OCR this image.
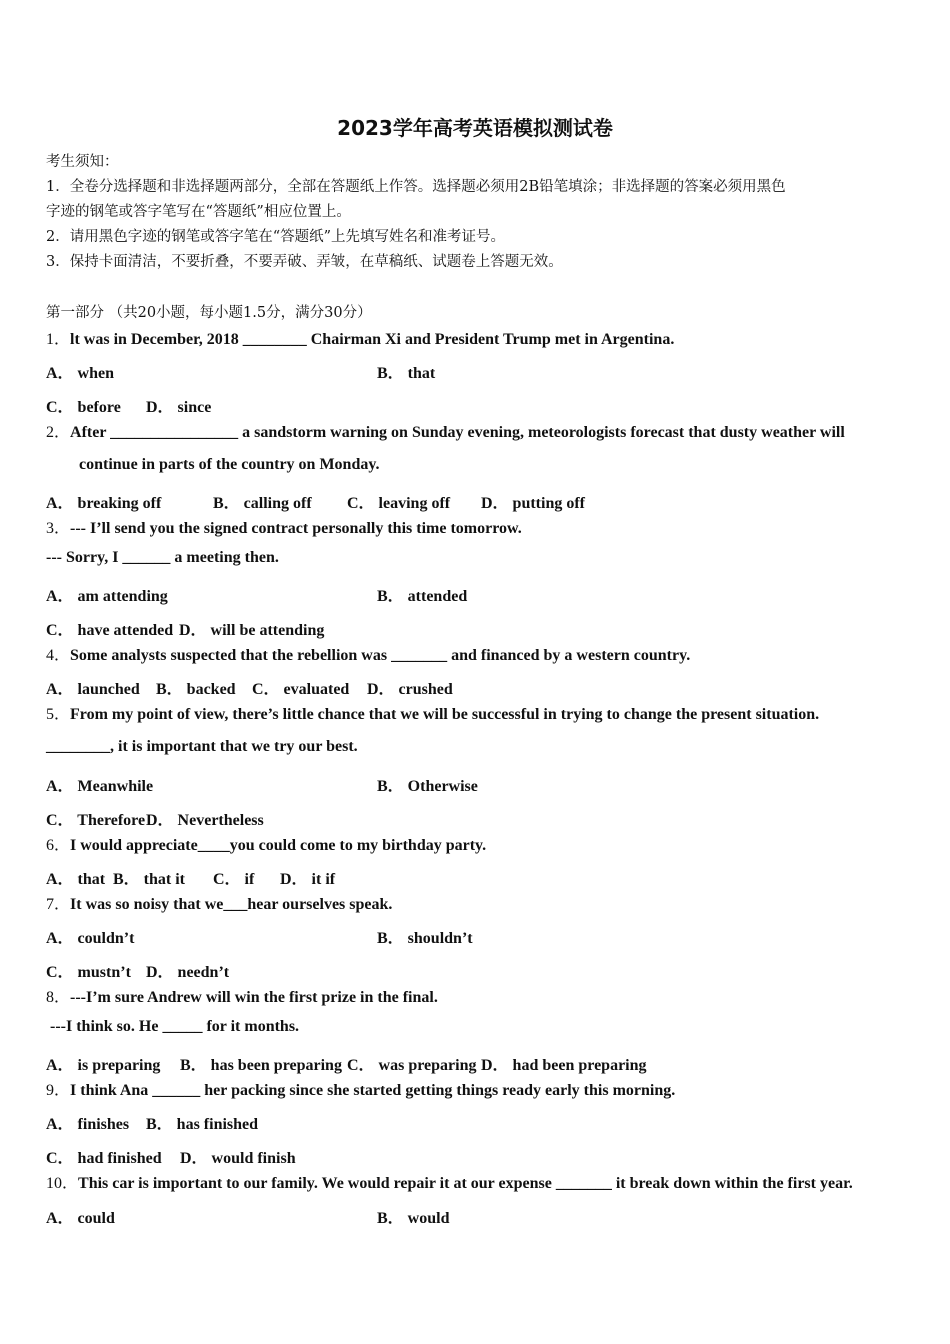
2023学年高考英语模拟测试卷
考生须知：
1．全卷分选择题和非选择题两部分，全部在答题纸上作答。选择题必须用2B铅笔填涂；非选择题的答案必须用黑色
字迹的钢笔或答字笔写在“答题纸”相应位置上。
2．请用黑色字迹的钢笔或答字笔在“答题纸”上先填写姓名和准考证号。
3．保持卡面清洁，不要折叠，不要弄破、弄皱，在草稿纸、试题卷上答题无效。
第一部分 （共20小题，每小题1.5分，满分30分）
1．lt was in December, 2018 ________ Chairman Xi and President Trump met in Argentina.
A． when	B． that
C． before D． since
2．After ________________ a sandstorm warning on Sunday evening, meteorologists forecast that dusty weather will
continue in parts of the country on Monday.
A． breaking off	B． calling off C． leaving off D． putting off
3．--- I’ll send you the signed contract personally this time tomorrow.
--- Sorry, I ______ a meeting then.
A． am attending	B． attended
C． have attended D． will be attending
4．Some analysts suspected that the rebellion was _______ and financed by a western country.
A． launched B． backed C． evaluated D． crushed
5．From my point of view, there’s little chance that we will be successful in trying to change the present situation.
________, it is important that we try our best.
A． Meanwhile	B． Otherwise
C． Therefore D． Nevertheless
6．I would appreciate____you could come to my birthday party.
A． that B． that it C． if D． it if
7．It was so noisy that we___hear ourselves speak.
A． couldn’t	B． shouldn’t
C． mustn’t D． needn’t
8．---I’m sure Andrew will win the first prize in the final.
---I think so. He _____ for it months.
A． is preparing B． has been preparing C． was preparing D． had been preparing
9．I think Ana ______ her packing since she started getting things ready early this morning.
A． finishes B． has finished
C． had finished D． would finish
10．This car is important to our family. We would repair it at our expense _______ it break down within the first year.
A． could	B． would
